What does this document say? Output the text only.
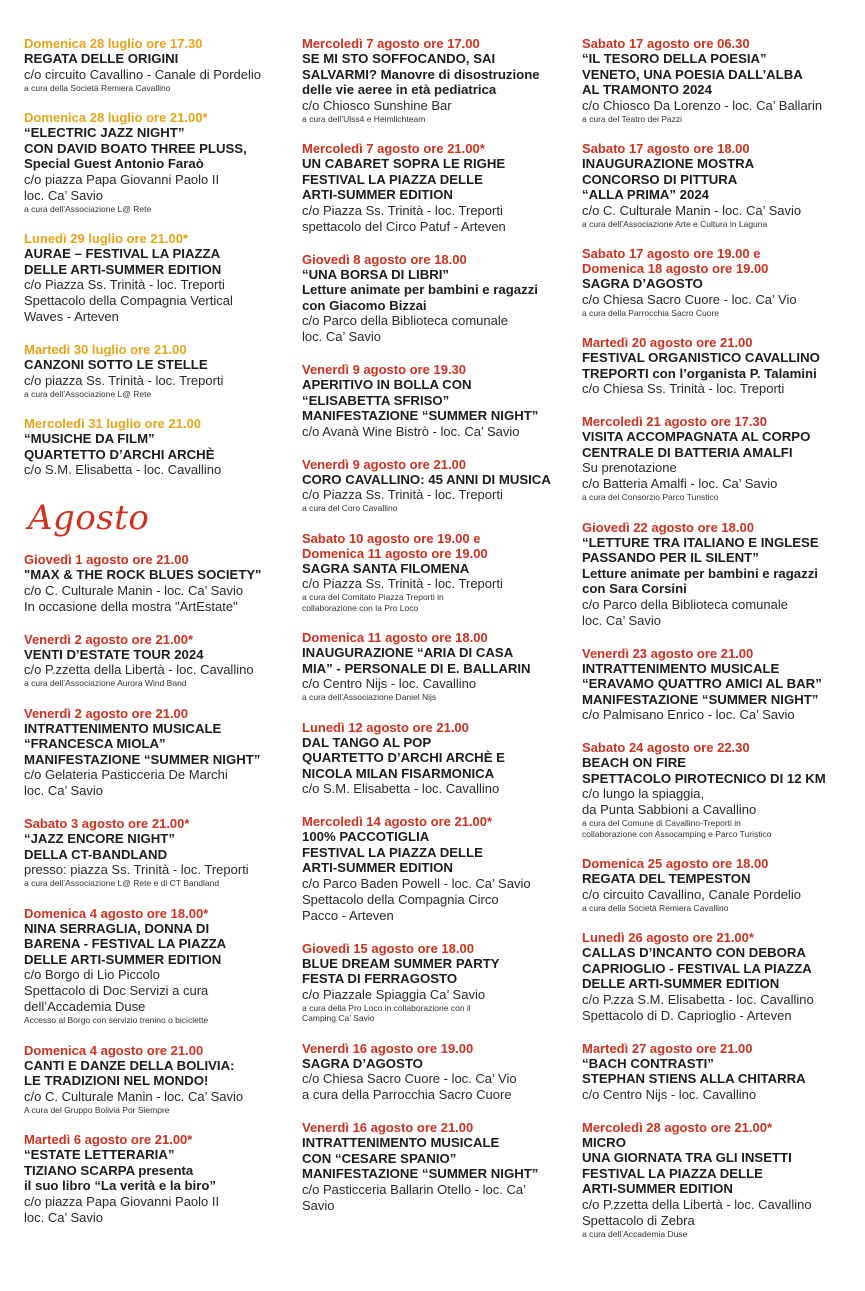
Domenica 28 luglio ore 17.30
REGATA DELLE ORIGINI
c/o circuito Cavallino - Canale di Pordelio
a cura della Società Remiera Cavallino
Domenica 28 luglio ore 21.00*
“ELECTRIC JAZZ NIGHT”
CON DAVID BOATO THREE PLUSS,
Special Guest Antonio Faraò
c/o piazza Papa Giovanni Paolo II
loc. Ca’ Savio
a cura dell’Associazione L@ Rete
Lunedì 29 luglio ore 21.00*
AURAE – FESTIVAL LA PIAZZA
DELLE ARTI-SUMMER EDITION
c/o Piazza Ss. Trinità - loc. Treporti
Spettacolo della Compagnia Vertical
Waves - Arteven
Martedì 30 luglio ore 21.00
CANZONI SOTTO LE STELLE
c/o piazza Ss. Trinità - loc. Treporti
a cura dell’Associazione L@ Rete
Mercoledì 31 luglio ore 21.00
“MUSICHE DA FILM”
QUARTETTO D’ARCHI ARCHÈ
c/o S.M. Elisabetta - loc. Cavallino
Agosto
Giovedì 1 agosto ore 21.00
"MAX & THE ROCK BLUES SOCIETY"
c/o C. Culturale Manin - loc. Ca’ Savio
In occasione della mostra "ArtEstate"
Venerdì 2 agosto ore 21.00*
VENTI D’ESTATE TOUR 2024
c/o P.zzetta della Libertà - loc. Cavallino
a cura dell’Associazione Aurora Wind Band
Venerdì 2 agosto ore 21.00
INTRATTENIMENTO MUSICALE
“FRANCESCA MIOLA”
MANIFESTAZIONE “SUMMER NIGHT”
c/o Gelateria Pasticceria De Marchi
loc. Ca’ Savio
Sabato 3 agosto ore 21.00*
“JAZZ ENCORE NIGHT”
DELLA CT-BANDLAND
presso: piazza Ss. Trinità - loc. Treporti
a cura dell’Associazione L@ Rete e di CT Bandland
Domenica 4 agosto ore 18.00*
NINA SERRAGLIA, DONNA DI
BARENA - FESTIVAL LA PIAZZA
DELLE ARTI-SUMMER EDITION
c/o Borgo di Lio Piccolo
Spettacolo di Doc Servizi a cura
dell’Accademia Duse
Accesso al Borgo con servizio trenino o biciclette
Domenica 4 agosto ore 21.00
CANTI E DANZE DELLA BOLIVIA:
LE TRADIZIONI NEL MONDO!
c/o C. Culturale Manin - loc. Ca’ Savio
A cura del Gruppo Bolivia Por Siempre
Martedì 6 agosto ore 21.00*
“ESTATE LETTERARIA”
TIZIANO SCARPA presenta
il suo libro “La verità e la biro”
c/o piazza Papa Giovanni Paolo II
loc. Ca’ Savio
Mercoledì 7 agosto ore 17.00
SE MI STO SOFFOCANDO, SAI
SALVARMI? Manovre di disostruzione
delle vie aeree in età pediatrica
c/o Chiosco Sunshine Bar
a cura dell’Ulss4 e Heimlichteam
Mercoledì 7 agosto ore 21.00*
UN CABARET SOPRA LE RIGHE
FESTIVAL LA PIAZZA DELLE
ARTI-SUMMER EDITION
c/o Piazza Ss. Trinità - loc. Treporti
spettacolo del Circo Patuf - Arteven
Giovedì 8 agosto ore 18.00
“UNA BORSA DI LIBRI”
Letture animate per bambini e ragazzi
con Giacomo Bizzai
c/o Parco della Biblioteca comunale
loc. Ca’ Savio
Venerdì 9 agosto ore 19.30
APERITIVO IN BOLLA CON
“ELISABETTA SFRISO”
MANIFESTAZIONE “SUMMER NIGHT”
c/o Avanà Wine Bistrò - loc. Ca’ Savio
Venerdì 9 agosto ore 21.00
CORO CAVALLINO: 45 ANNI DI MUSICA
c/o Piazza Ss. Trinità - loc. Treporti
a cura del Coro Cavallino
Sabato 10 agosto ore 19.00 e
Domenica 11 agosto ore 19.00
SAGRA SANTA FILOMENA
c/o Piazza Ss. Trinità - loc. Treporti
a cura del Comitato Piazza Treporti in
collaborazione con la Pro Loco
Domenica 11 agosto ore 18.00
INAUGURAZIONE “ARIA DI CASA
MIA” - PERSONALE DI E. BALLARIN
c/o Centro Nijs - loc. Cavallino
a cura dell’Associazione Daniel Nijs
Lunedì 12 agosto ore 21.00
DAL TANGO AL POP
QUARTETTO D’ARCHI ARCHÈ E
NICOLA MILAN FISARMONICA
c/o S.M. Elisabetta - loc. Cavallino
Mercoledì 14 agosto ore 21.00*
100% PACCOTIGLIA
FESTIVAL LA PIAZZA DELLE
ARTI-SUMMER EDITION
c/o Parco Baden Powell - loc. Ca’ Savio
Spettacolo della Compagnia Circo
Pacco - Arteven
Giovedì 15 agosto ore 18.00
BLUE DREAM SUMMER PARTY
FESTA DI FERRAGOSTO
c/o Piazzale Spiaggia Ca’ Savio
a cura della Pro Loco in collaborazione con il
Camping Ca’ Savio
Venerdì 16 agosto ore 19.00
SAGRA D’AGOSTO
c/o Chiesa Sacro Cuore - loc. Ca’ Vio
a cura della Parrocchia Sacro Cuore
Venerdì 16 agosto ore 21.00
INTRATTENIMENTO MUSICALE
CON “CESARE SPANIO”
MANIFESTAZIONE “SUMMER NIGHT”
c/o Pasticceria Ballarin Otello - loc. Ca’
Savio
Sabato 17 agosto ore 06.30
“IL TESORO DELLA POESIA”
VENETO, UNA POESIA DALL’ALBA
AL TRAMONTO 2024
c/o Chiosco Da Lorenzo - loc. Ca’ Ballarin
a cura del Teatro dei Pazzi
Sabato 17 agosto ore 18.00
INAUGURAZIONE MOSTRA
CONCORSO DI PITTURA
“ALLA PRIMA” 2024
c/o C. Culturale Manin - loc. Ca’ Savio
a cura dell’Associazione Arte e Cultura in Laguna
Sabato 17 agosto ore 19.00 e
Domenica 18 agosto ore 19.00
SAGRA D’AGOSTO
c/o Chiesa Sacro Cuore - loc. Ca’ Vio
a cura della Parrocchia Sacro Cuore
Martedì 20 agosto ore 21.00
FESTIVAL ORGANISTICO CAVALLINO
TREPORTI con l’organista P. Talamini
c/o Chiesa Ss. Trinità - loc. Treporti
Mercoledì 21 agosto ore 17.30
VISITA ACCOMPAGNATA AL CORPO
CENTRALE DI BATTERIA AMALFI
Su prenotazione
c/o Batteria Amalfi - loc. Ca’ Savio
a cura del Consorzio Parco Turistico
Giovedì 22 agosto ore 18.00
“LETTURE TRA ITALIANO E INGLESE
PASSANDO PER IL SILENT”
Letture animate per bambini e ragazzi
con Sara Corsini
c/o Parco della Biblioteca comunale
loc. Ca’ Savio
Venerdì 23 agosto ore 21.00
INTRATTENIMENTO MUSICALE
“ERAVAMO QUATTRO AMICI AL BAR”
MANIFESTAZIONE “SUMMER NIGHT”
c/o Palmisano Enrico - loc. Ca’ Savio
Sabato 24 agosto ore 22.30
BEACH ON FIRE
SPETTACOLO PIROTECNICO DI 12 KM
c/o lungo la spiaggia,
da Punta Sabbioni a Cavallino
a cura del Comune di Cavallino-Treporti in
collaborazione con Assocamping e Parco Turistico
Domenica 25 agosto ore 18.00
REGATA DEL TEMPESTON
c/o circuito Cavallino, Canale Pordelio
a cura della Società Remiera Cavallino
Lunedì 26 agosto ore 21.00*
CALLAS D’INCANTO CON DEBORA
CAPRIOGLIO - FESTIVAL LA PIAZZA
DELLE ARTI-SUMMER EDITION
c/o P.zza S.M. Elisabetta - loc. Cavallino
Spettacolo di D. Caprioglio - Arteven
Martedì 27 agosto ore 21.00
“BACH CONTRASTI”
STEPHAN STIENS ALLA CHITARRA
c/o Centro Nijs - loc. Cavallino
Mercoledì 28 agosto ore 21.00*
MICRO
UNA GIORNATA TRA GLI INSETTI
FESTIVAL LA PIAZZA DELLE
ARTI-SUMMER EDITION
c/o P.zzetta della Libertà - loc. Cavallino
Spettacolo di Zebra
a cura dell’Accademia Duse
